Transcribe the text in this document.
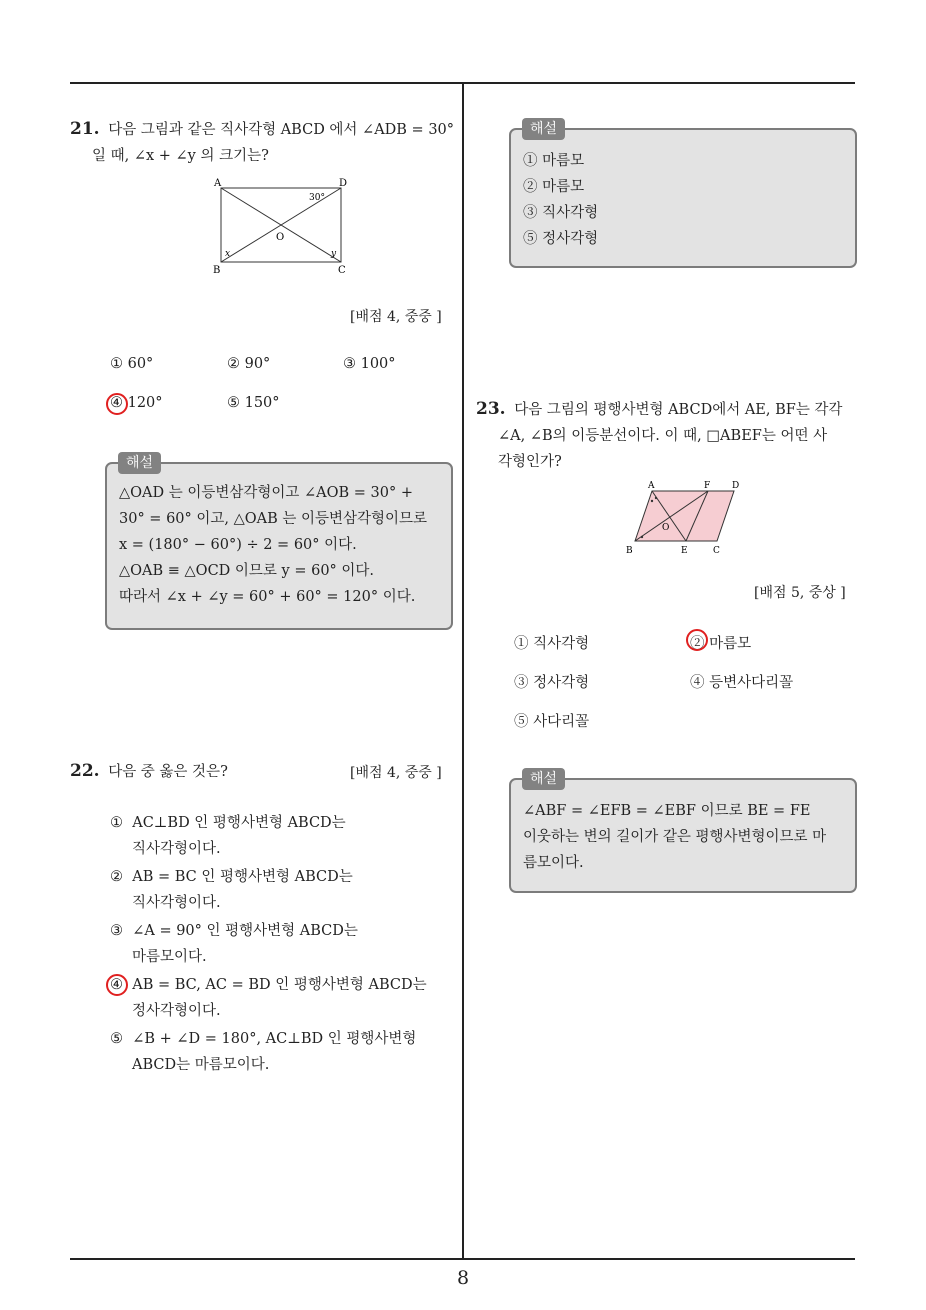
21. 다음 그림과 같은 직사각형 ABCD 에서 ∠ADB = 30°
일 때, ∠x + ∠y 의 크기는?
A	D
B	C
O
30°
x	y
[배점 4, 중중 ]
① 60°	② 90°	③ 100°
④ 120°	⑤ 150°
△OAD 는 이등변삼각형이고 ∠AOB = 30° +
30° = 60° 이고, △OAB 는 이등변삼각형이므로
x = (180° − 60°) ÷ 2 = 60° 이다.
△OAB ≡ △OCD 이므로 y = 60° 이다.
따라서 ∠x + ∠y = 60° + 60° = 120° 이다.
해설
22. 다음 중 옳은 것은?	[배점 4, 중중 ]
① AC⊥BD 인 평행사변형 ABCD는
직사각형이다.
② AB = BC 인 평행사변형 ABCD는
직사각형이다.
③ ∠A = 90° 인 평행사변형 ABCD는
마름모이다.
④ AB = BC, AC = BD 인 평행사변형 ABCD는
정사각형이다.
⑤ ∠B + ∠D = 180°, AC⊥BD 인 평행사변형
ABCD는 마름모이다.
① 마름모
② 마름모
③ 직사각형
⑤ 정사각형
해설
23. 다음 그림의 평행사변형 ABCD에서 AE, BF는 각각
∠A, ∠B의 이등분선이다. 이 때, □ABEF는 어떤 사
각형인가?
A	F D
B	E	C
O
[배점 5, 중상 ]
① 직사각형	② 마름모
③ 정사각형	④ 등변사다리꼴
⑤ 사다리꼴
∠ABF = ∠EFB = ∠EBF 이므로 BE = FE
이웃하는 변의 길이가 같은 평행사변형이므로 마
름모이다.
해설
8
